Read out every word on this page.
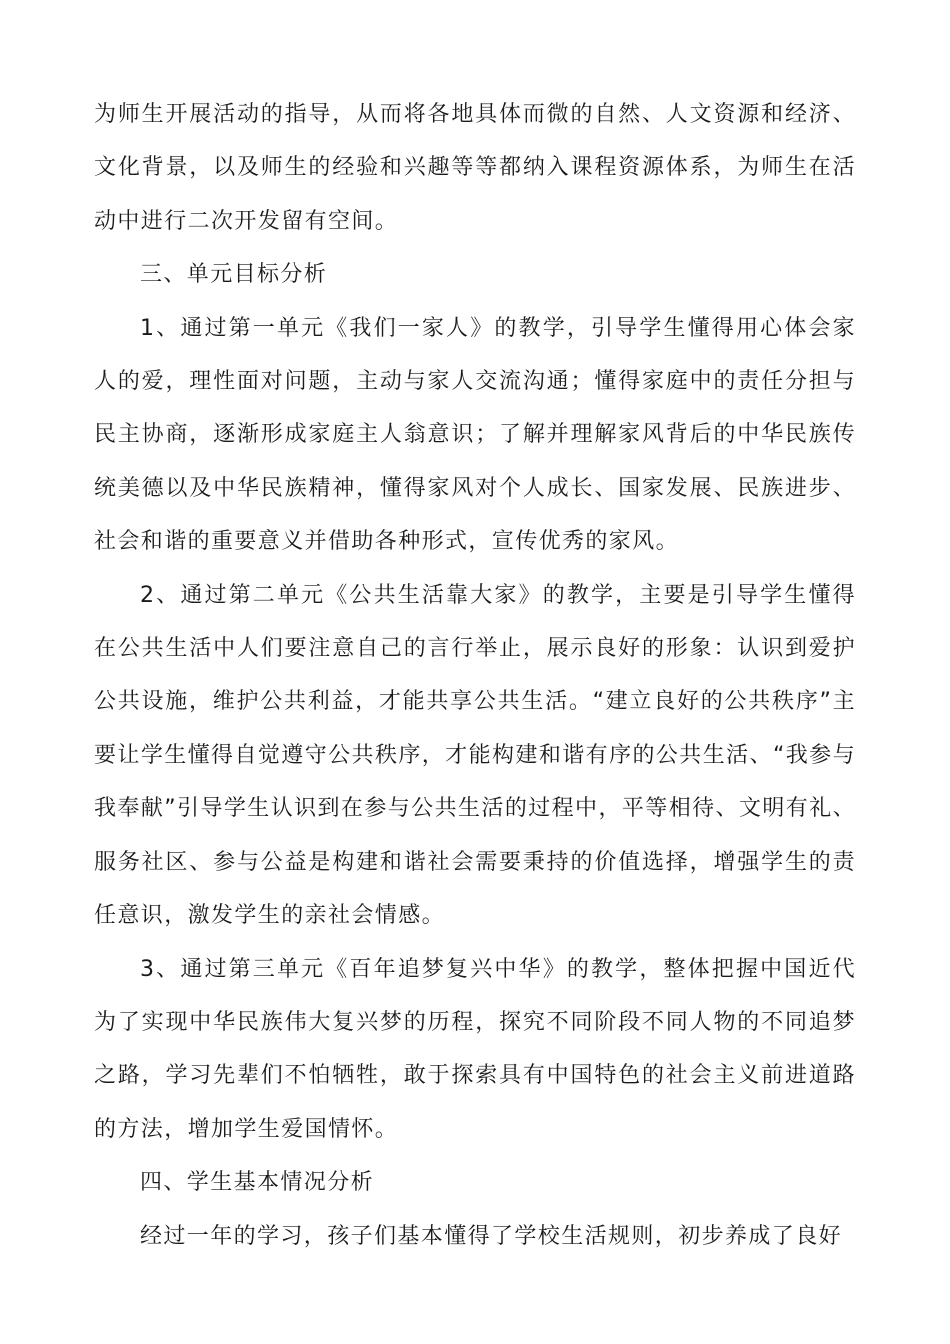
为师生开展活动的指导，从而将各地具体而微的自然、人文资源和经济、文化背景，以及师生的经验和兴趣等等都纳入课程资源体系，为师生在活动中进行二次开发留有空间。

三、单元目标分析

1、通过第一单元《我们一家人》的教学，引导学生懂得用心体会家人的爱，理性面对问题，主动与家人交流沟通；懂得家庭中的责任分担与民主协商，逐渐形成家庭主人翁意识；了解并理解家风背后的中华民族传统美德以及中华民族精神，懂得家风对个人成长、国家发展、民族进步、社会和谐的重要意义并借助各种形式，宣传优秀的家风。

2、通过第二单元《公共生活靠大家》的教学，主要是引导学生懂得在公共生活中人们要注意自己的言行举止，展示良好的形象：认识到爱护公共设施，维护公共利益，才能共享公共生活。“建立良好的公共秩序”主要让学生懂得自觉遵守公共秩序，才能构建和谐有序的公共生活、“我参与我奉献”引导学生认识到在参与公共生活的过程中，平等相待、文明有礼、服务社区、参与公益是构建和谐社会需要秉持的价值选择，增强学生的责任意识，激发学生的亲社会情感。

3、通过第三单元《百年追梦复兴中华》的教学，整体把握中国近代为了实现中华民族伟大复兴梦的历程，探究不同阶段不同人物的不同追梦之路，学习先辈们不怕牺牲，敢于探索具有中国特色的社会主义前进道路的方法，增加学生爱国情怀。

四、学生基本情况分析

经过一年的学习，孩子们基本懂得了学校生活规则，初步养成了良好
